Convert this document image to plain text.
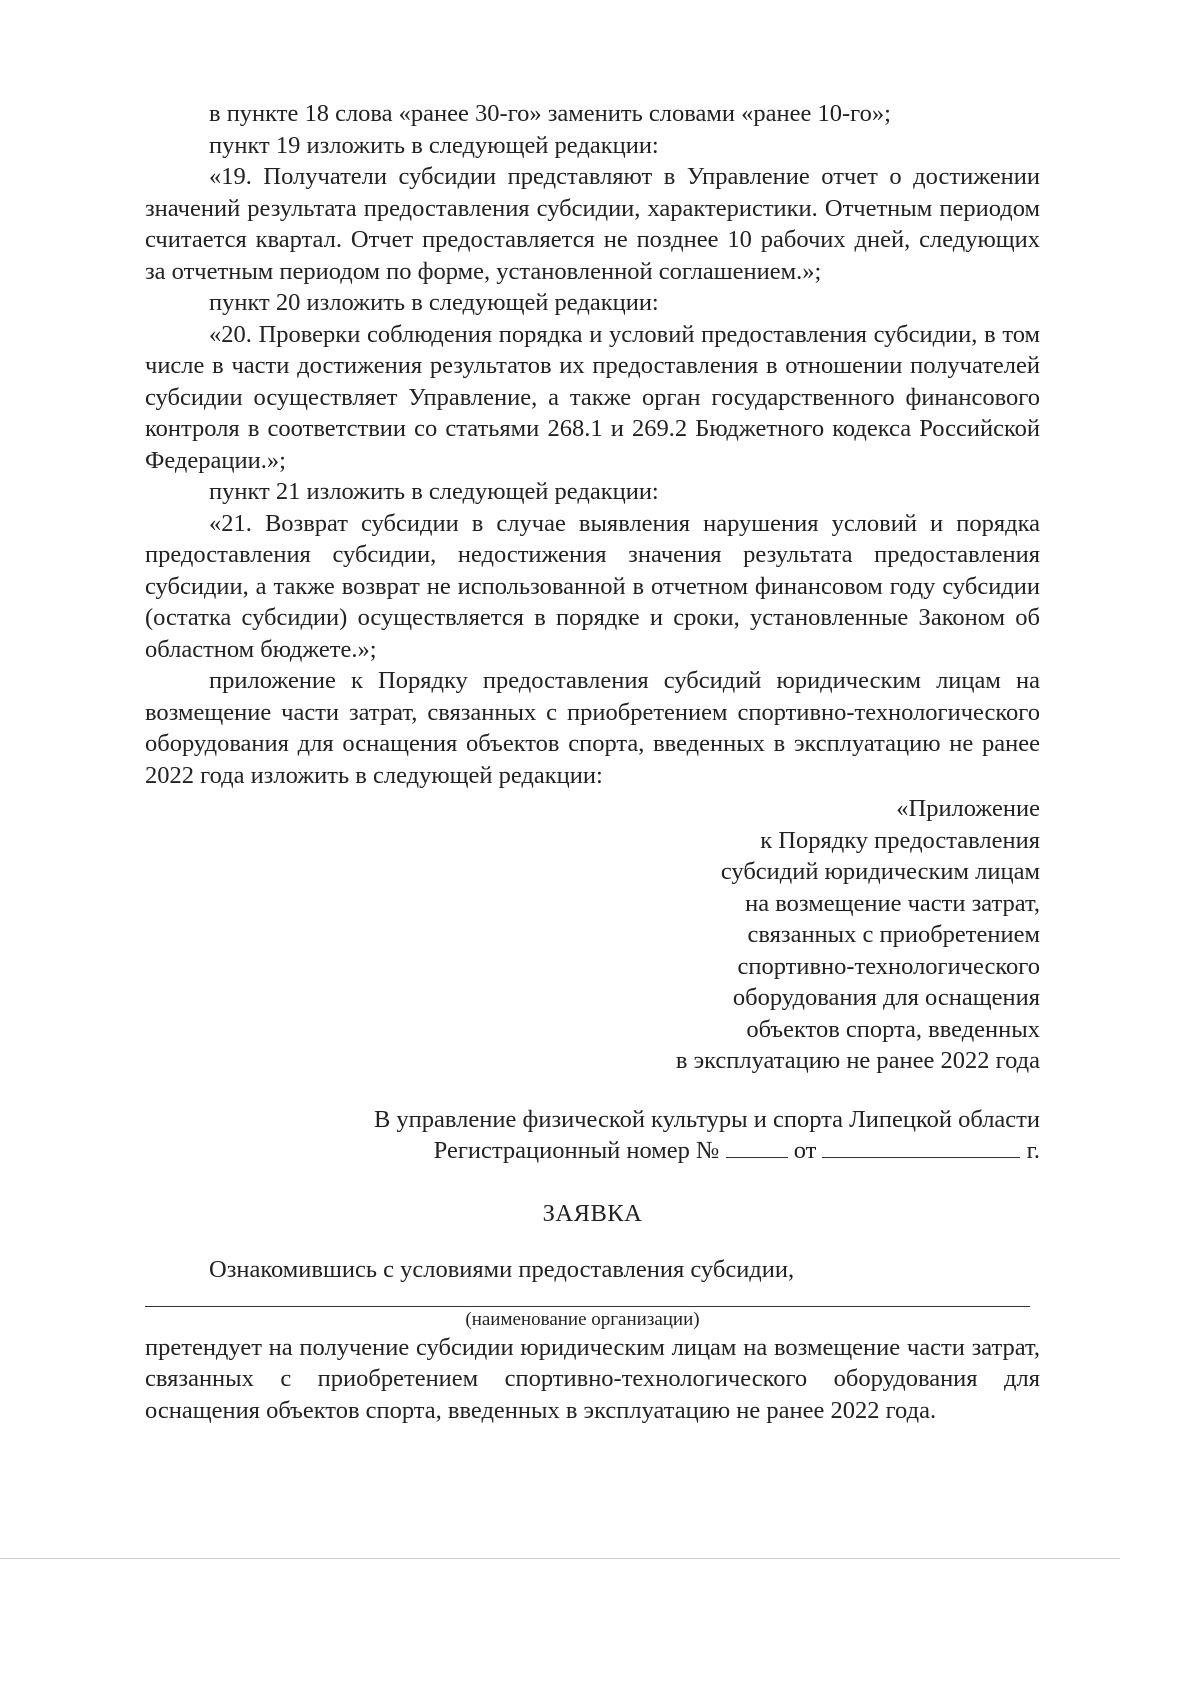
в пункте 18 слова «ранее 30-го» заменить словами «ранее 10-го»;

пункт 19 изложить в следующей редакции:

«19. Получатели субсидии представляют в Управление отчет о достижении значений результата предоставления субсидии, характеристики. Отчетным периодом считается квартал. Отчет предоставляется не позднее 10 рабочих дней, следующих за отчетным периодом по форме, установленной соглашением.»;

пункт 20 изложить в следующей редакции:

«20. Проверки соблюдения порядка и условий предоставления субсидии, в том числе в части достижения результатов их предоставления в отношении получателей субсидии осуществляет Управление, а также орган государственного финансового контроля в соответствии со статьями 268.1 и 269.2 Бюджетного кодекса Российской Федерации.»;

пункт 21 изложить в следующей редакции:

«21. Возврат субсидии в случае выявления нарушения условий и порядка предоставления субсидии, недостижения значения результата предоставления субсидии, а также возврат не использованной в отчетном финансовом году субсидии (остатка субсидии) осуществляется в порядке и сроки, установленные Законом об областном бюджете.»;

приложение к Порядку предоставления субсидий юридическим лицам на возмещение части затрат, связанных с приобретением спортивно-технологического оборудования для оснащения объектов спорта, введенных в эксплуатацию не ранее 2022 года изложить в следующей редакции:

«Приложение
к Порядку предоставления
субсидий юридическим лицам
на возмещение части затрат,
связанных с приобретением
спортивно-технологического
оборудования для оснащения
объектов спорта, введенных
в эксплуатацию не ранее 2022 года
В управление физической культуры и спорта Липецкой области
Регистрационный номер №	от	г.
ЗАЯВКА

Ознакомившись с условиями предоставления субсидии,

(наименование организации)

претендует на получение субсидии юридическим лицам на возмещение части затрат, связанных с приобретением спортивно-технологического оборудования для оснащения объектов спорта, введенных в эксплуатацию не ранее 2022 года.
